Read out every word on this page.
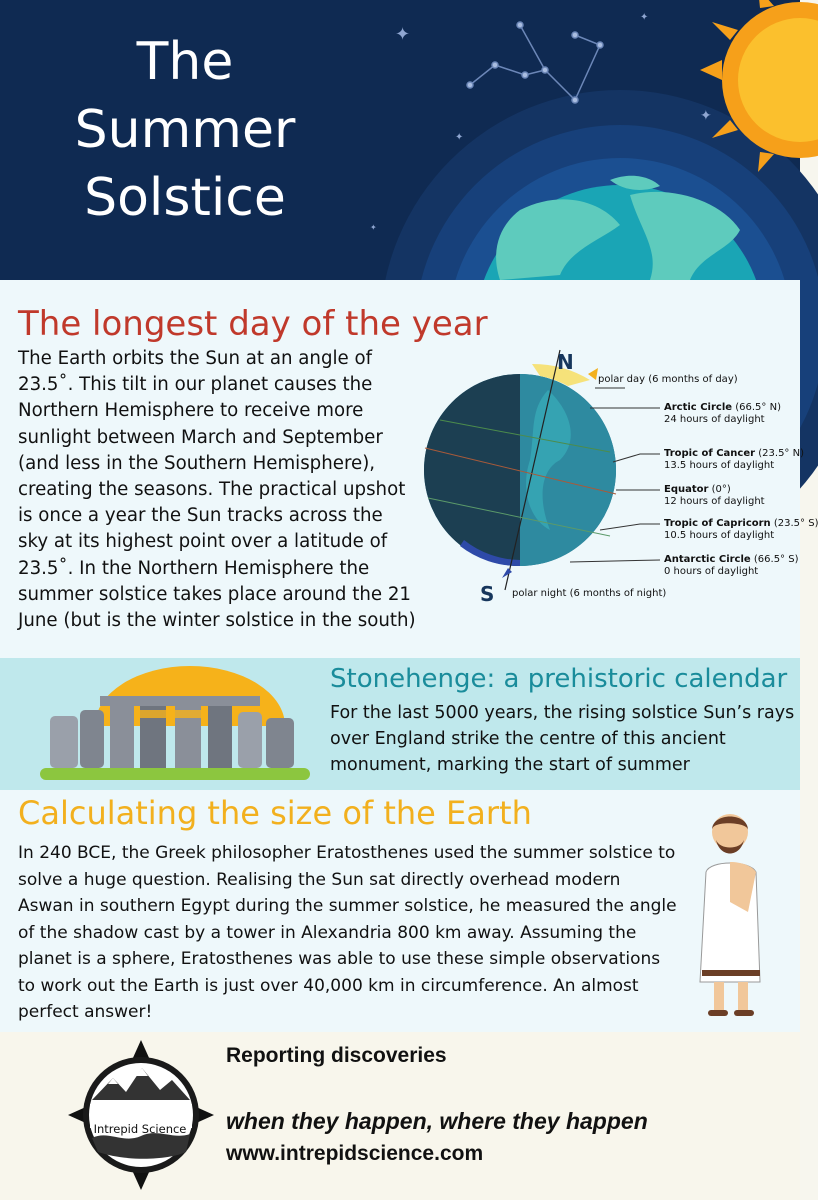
✦
✦
✦
✦
✦
The
Summer
Solstice
The longest day of the year
The Earth orbits the Sun at an angle of 23.5˚. This tilt in our planet causes the Northern Hemisphere to receive more sunlight between March and September (and less in the Southern Hemisphere), creating the seasons. The practical upshot is once a year the Sun tracks across the sky at its highest point over a latitude of 23.5˚. In the Northern Hemisphere the summer solstice takes place around the 21 June (but is the winter solstice in the south)
N
S
polar day (6 months of day)
polar night (6 months of night)
Arctic Circle (66.5° N)
24 hours of daylight
Tropic of Cancer (23.5° N)
13.5 hours of daylight
Equator (0°)
12 hours of daylight
Tropic of Capricorn (23.5° S)
10.5 hours of daylight
Antarctic Circle (66.5° S)
0 hours of daylight
Stonehenge: a prehistoric calendar
For the last 5000 years, the rising solstice Sun’s rays over England strike the centre of this ancient monument, marking the start of summer
Calculating the size of the Earth
In 240 BCE, the Greek philosopher Eratosthenes used the summer solstice to solve a huge question. Realising the Sun sat directly overhead modern Aswan in southern Egypt during the summer solstice, he measured the angle of the shadow cast by a tower in Alexandria 800 km away. Assuming the planet is a sphere, Eratosthenes was able to use these simple observations to work out the Earth is just over 40,000 km in circumference. An almost perfect answer!
Intrepid Science
Reporting discoveries
when they happen, where they happen
www.intrepidscience.com
